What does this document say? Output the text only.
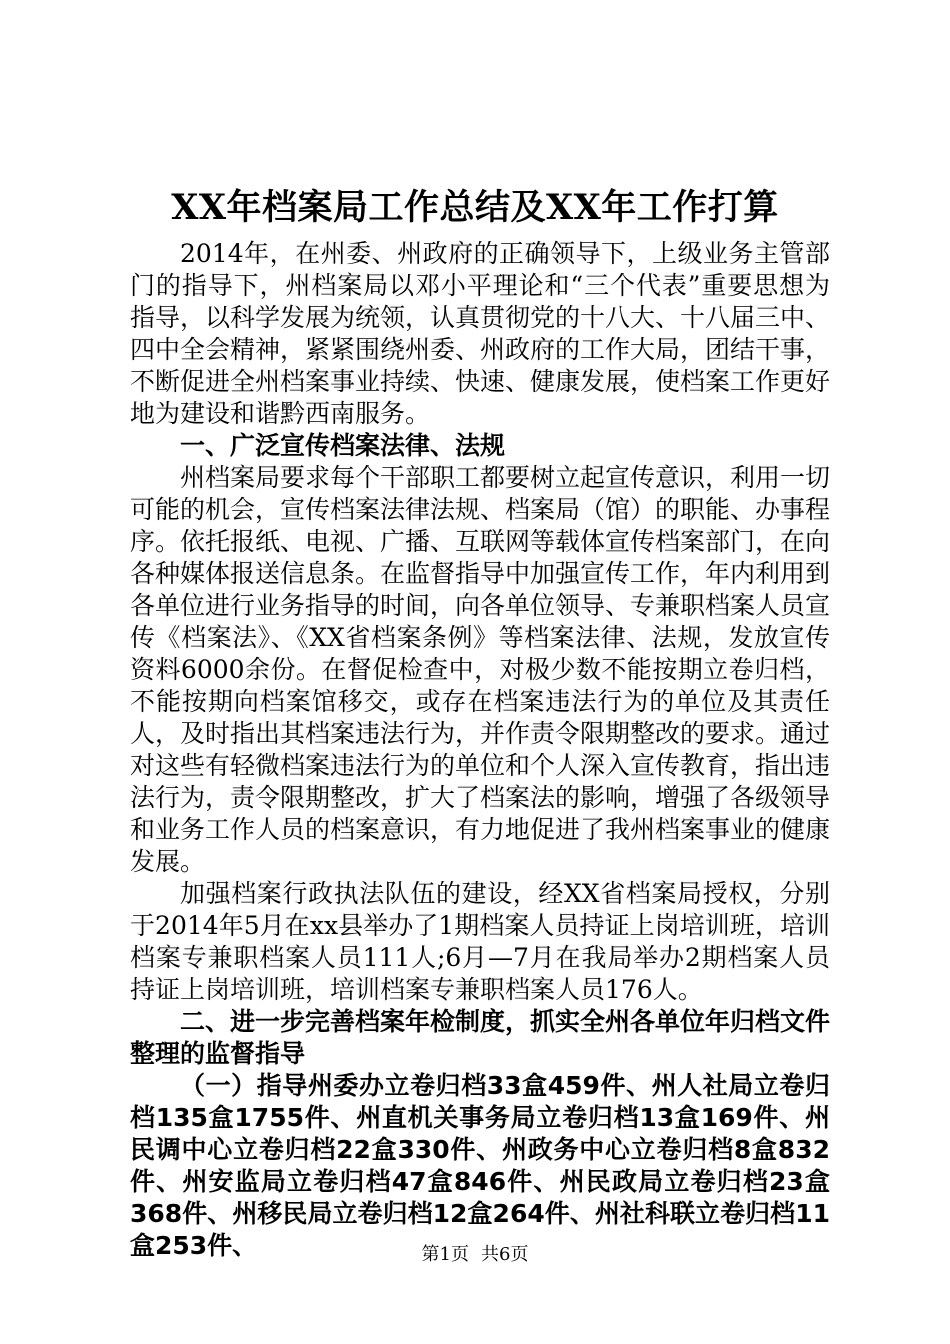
XX年档案局工作总结及XX年工作打算

2014年，在州委、州政府的正确领导下，上级业务主管部门的指导下，州档案局以邓小平理论和“三个代表”重要思想为指导，以科学发展为统领，认真贯彻党的十八大、十八届三中、四中全会精神，紧紧围绕州委、州政府的工作大局，团结干事，不断促进全州档案事业持续、快速、健康发展，使档案工作更好地为建设和谐黔西南服务。

一、广泛宣传档案法律、法规

州档案局要求每个干部职工都要树立起宣传意识，利用一切可能的机会，宣传档案法律法规、档案局（馆）的职能、办事程序。依托报纸、电视、广播、互联网等载体宣传档案部门，在向各种媒体报送信息条。在监督指导中加强宣传工作，年内利用到各单位进行业务指导的时间，向各单位领导、专兼职档案人员宣传《档案法》、《XX省档案条例》等档案法律、法规，发放宣传资料6000余份。在督促检查中，对极少数不能按期立卷归档，不能按期向档案馆移交，或存在档案违法行为的单位及其责任人，及时指出其档案违法行为，并作责令限期整改的要求。通过对这些有轻微档案违法行为的单位和个人深入宣传教育，指出违法行为，责令限期整改，扩大了档案法的影响，增强了各级领导和业务工作人员的档案意识，有力地促进了我州档案事业的健康发展。

加强档案行政执法队伍的建设，经XX省档案局授权，分别于2014年5月在xx县举办了1期档案人员持证上岗培训班，培训档案专兼职档案人员111人;6月—7月在我局举办2期档案人员持证上岗培训班，培训档案专兼职档案人员176人。

二、进一步完善档案年检制度，抓实全州各单位年归档文件整理的监督指导

（一）指导州委办立卷归档33盒459件、州人社局立卷归档135盒1755件、州直机关事务局立卷归档13盒169件、州民调中心立卷归档22盒330件、州政务中心立卷归档8盒832件、州安监局立卷归档47盒846件、州民政局立卷归档23盒368件、州移民局立卷归档12盒264件、州社科联立卷归档11盒253件、	第1页 共6页
